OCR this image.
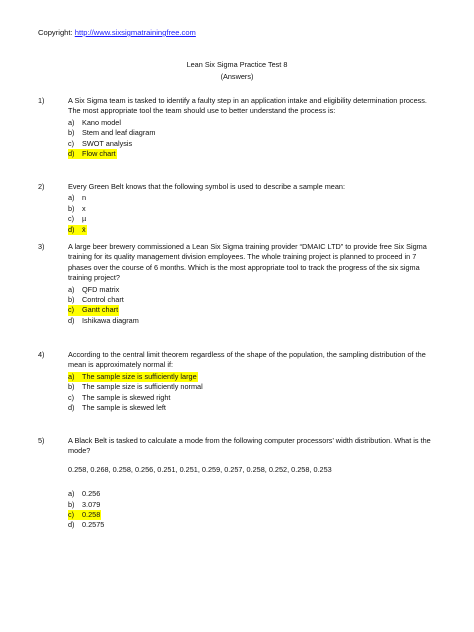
Copyright: http://www.sixsigmatrainingfree.com
Lean Six Sigma Practice Test 8
(Answers)
1)	A Six Sigma team is tasked to identify a faulty step in an application intake and eligibility determination process. The most appropriate tool the team should use to better understand the process is:
a)	Kano model
b)	Stem and leaf diagram
c)	SWOT analysis
d)	Flow chart
2)	Every Green Belt knows that the following symbol is used to describe a sample mean:
a)	n
b)	x
c)	µ
d)	x̄
3)	A large beer brewery commissioned a Lean Six Sigma training provider “DMAIC LTD” to provide free Six Sigma training for its quality management division employees. The whole training project is planned to proceed in 7 phases over the course of 6 months. Which is the most appropriate tool to track the progress of the six sigma training project?
a)	QFD matrix
b)	Control chart
c)	Gantt chart
d)	Ishikawa diagram
4)	According to the central limit theorem regardless of the shape of the population, the sampling distribution of the mean is approximately normal if:
a)	The sample size is sufficiently large
b)	The sample size is sufficiently normal
c)	The sample is skewed right
d)	The sample is skewed left
5)	A Black Belt is tasked to calculate a mode from the following computer processors’ width distribution. What is the mode?
0.258, 0.268, 0.258, 0.256, 0.251, 0.251, 0.259, 0.257, 0.258, 0.252, 0.258, 0.253
a)	0.256
b)	3.079
c)	0.258
d)	0.2575
